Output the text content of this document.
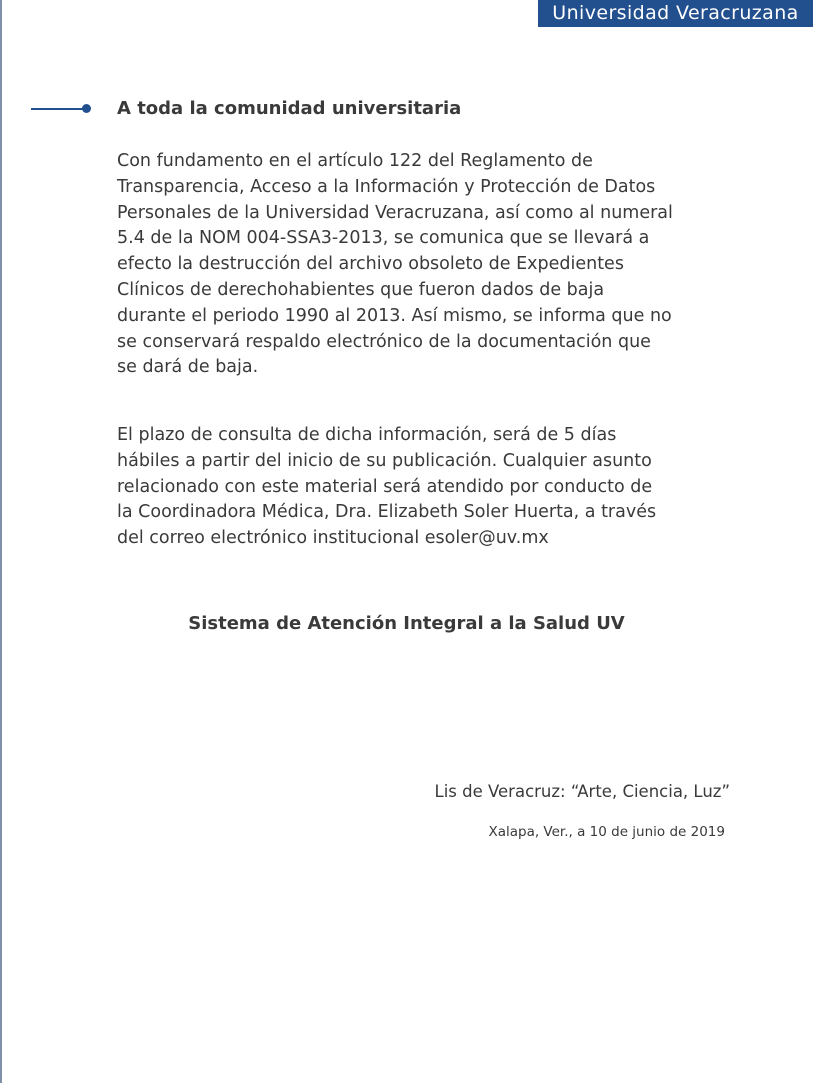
Universidad Veracruzana
A toda la comunidad universitaria
Con fundamento en el artículo 122 del Reglamento de
Transparencia, Acceso a la Información y Protección de Datos
Personales de la Universidad Veracruzana, así como al numeral
5.4 de la NOM 004-SSA3-2013, se comunica que se llevará a
efecto la destrucción del archivo obsoleto de Expedientes
Clínicos de derechohabientes que fueron dados de baja
durante el periodo 1990 al 2013. Así mismo, se informa que no
se conservará respaldo electrónico de la documentación que
se dará de baja.
El plazo de consulta de dicha información, será de 5 días
hábiles a partir del inicio de su publicación. Cualquier asunto
relacionado con este material será atendido por conducto de
la Coordinadora Médica, Dra. Elizabeth Soler Huerta, a través
del correo electrónico institucional esoler@uv.mx
Sistema de Atención Integral a la Salud UV
Lis de Veracruz: “Arte, Ciencia, Luz”
Xalapa, Ver., a 10 de junio de 2019
